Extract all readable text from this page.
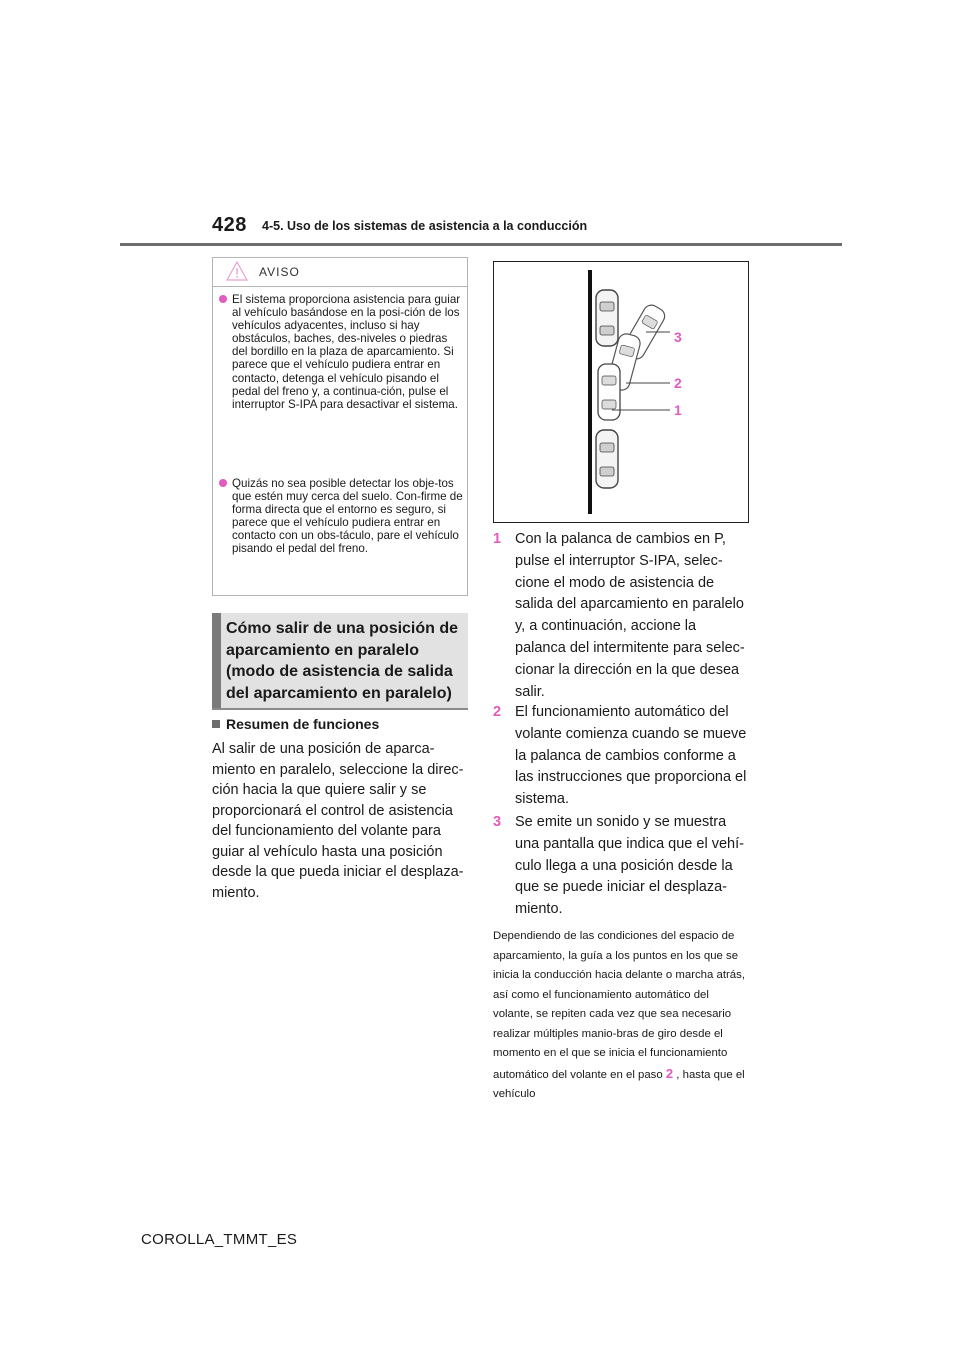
428 4-5. Uso de los sistemas de asistencia a la conducción
AVISO
El sistema proporciona asistencia para guiar al vehículo basándose en la posi-ción de los vehículos adyacentes, incluso si hay obstáculos, baches, des-niveles o piedras del bordillo en la plaza de aparcamiento. Si parece que el vehículo pudiera entrar en contacto, detenga el vehículo pisando el pedal del freno y, a continua-ción, pulse el interruptor S-IPA para desactivar el sistema.
Quizás no sea posible detectar los obje-tos que estén muy cerca del suelo. Con-firme de forma directa que el entorno es seguro, si parece que el vehículo pudiera entrar en contacto con un obs-táculo, pare el vehículo pisando el pedal del freno.
Cómo salir de una posición de aparcamiento en paralelo (modo de asistencia de salida del aparcamiento en paralelo)
Resumen de funciones
Al salir de una posición de aparca-miento en paralelo, seleccione la direc-ción hacia la que quiere salir y se proporcionará el control de asistencia del funcionamiento del volante para guiar al vehículo hasta una posición desde la que pueda iniciar el desplaza-miento.
3
2
1
1 Con la palanca de cambios en P, pulse el interruptor S-IPA, selec-cione el modo de asistencia de salida del aparcamiento en paralelo y, a continuación, accione la palanca del intermitente para selec-cionar la dirección en la que desea salir.
2 El funcionamiento automático del volante comienza cuando se mueve la palanca de cambios conforme a las instrucciones que proporciona el sistema.
3 Se emite un sonido y se muestra una pantalla que indica que el vehí-culo llega a una posición desde la que se puede iniciar el desplaza-miento.
Dependiendo de las condiciones del espacio de aparcamiento, la guía a los puntos en los que se inicia la conducción hacia delante o marcha atrás, así como el funcionamiento automático del volante, se repiten cada vez que sea necesario realizar múltiples manio-bras de giro desde el momento en el que se inicia el funcionamiento automático del volante en el paso 2 , hasta que el vehículo
COROLLA_TMMT_ES
